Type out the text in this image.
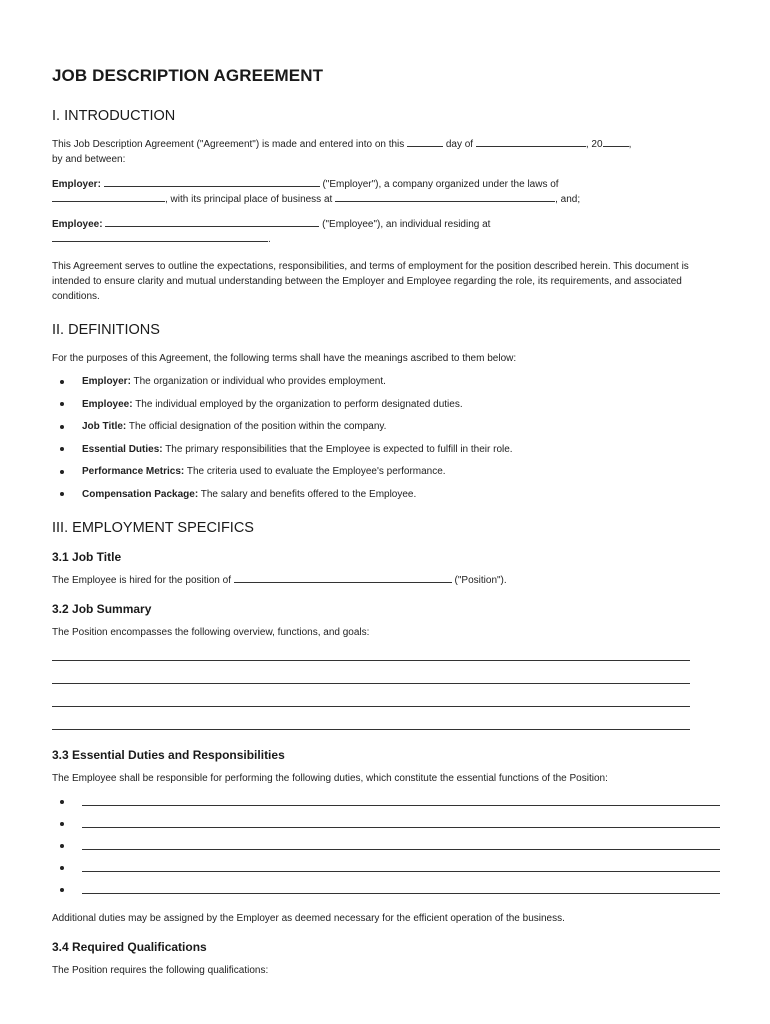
JOB DESCRIPTION AGREEMENT
I. INTRODUCTION

This Job Description Agreement ("Agreement") is made and entered into on this	day of	, 20	,
by and between:

Employer:	("Employer"), a company organized under the laws of
, with its principal place of business at	, and;

Employee:	("Employee"), an individual residing at
.

This Agreement serves to outline the expectations, responsibilities, and terms of employment for the position described herein. This document is intended to ensure clarity and mutual understanding between the Employer and Employee regarding the role, its requirements, and associated conditions.

II. DEFINITIONS

For the purposes of this Agreement, the following terms shall have the meanings ascribed to them below:

Employer: The organization or individual who provides employment.
Employee: The individual employed by the organization to perform designated duties.
Job Title: The official designation of the position within the company.
Essential Duties: The primary responsibilities that the Employee is expected to fulfill in their role.
Performance Metrics: The criteria used to evaluate the Employee's performance.
Compensation Package: The salary and benefits offered to the Employee.
III. EMPLOYMENT SPECIFICS
3.1 Job Title

The Employee is hired for the position of	("Position").

3.2 Job Summary

The Position encompasses the following overview, functions, and goals:

3.3 Essential Duties and Responsibilities

The Employee shall be responsible for performing the following duties, which constitute the essential functions of the Position:

Additional duties may be assigned by the Employer as deemed necessary for the efficient operation of the business.

3.4 Required Qualifications

The Position requires the following qualifications:
